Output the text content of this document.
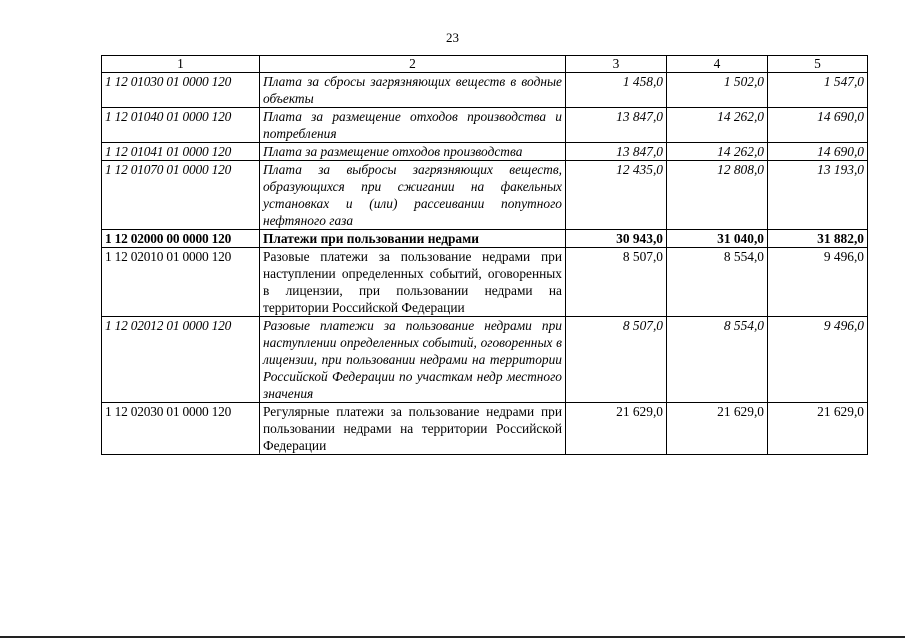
23
1	2	3	4	5
1 12 01030 01 0000 120	Плата за сбросы загрязняющих веществ в водные объекты	1 458,0	1 502,0	1 547,0
1 12 01040 01 0000 120	Плата за размещение отходов производства и потребления	13 847,0	14 262,0	14 690,0
1 12 01041 01 0000 120	Плата за размещение отходов производства	13 847,0	14 262,0	14 690,0
1 12 01070 01 0000 120	Плата за выбросы загрязняющих веществ, образующихся при сжигании на факельных установках и (или) рассеивании попутного нефтяного газа	12 435,0	12 808,0	13 193,0
1 12 02000 00 0000 120	Платежи при пользовании недрами	30 943,0	31 040,0	31 882,0
1 12 02010 01 0000 120	Разовые платежи за пользование недрами при наступлении определенных событий, оговоренных в лицензии, при пользовании недрами на территории Российской Федерации	8 507,0	8 554,0	9 496,0
1 12 02012 01 0000 120	Разовые платежи за пользование недрами при наступлении определенных событий, оговоренных в лицензии, при пользовании недрами на территории Российской Федерации по участкам недр местного значения	8 507,0	8 554,0	9 496,0
1 12 02030 01 0000 120	Регулярные платежи за пользование недрами при пользовании недрами на территории Российской Федерации	21 629,0	21 629,0	21 629,0
